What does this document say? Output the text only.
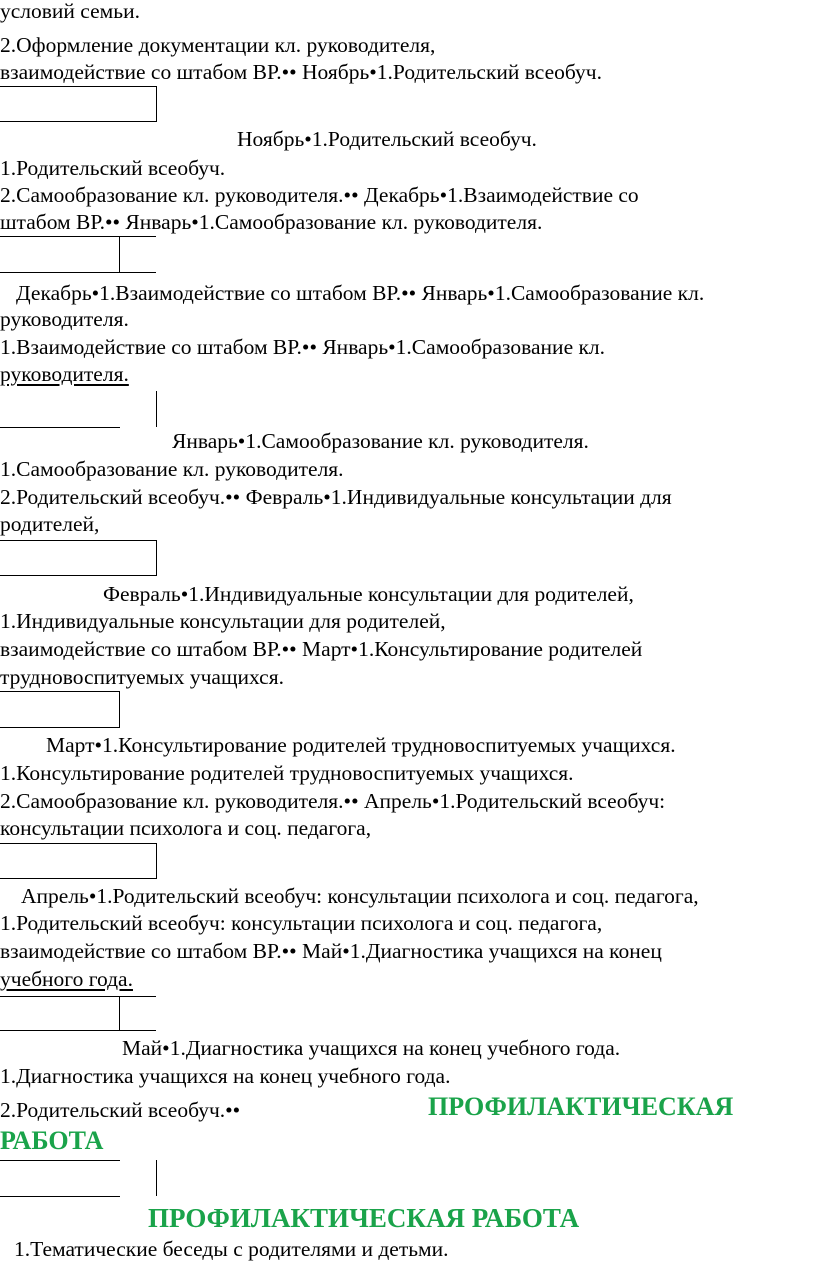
условий семьи.
2.Оформление документации кл. руководителя,
взаимодействие со штабом ВР.•• Ноябрь•1.Родительский всеобуч.
Ноябрь•1.Родительский всеобуч.
1.Родительский всеобуч.
2.Самообразование кл. руководителя.•• Декабрь•1.Взаимодействие со
штабом ВР.•• Январь•1.Самообразование кл. руководителя.
Декабрь•1.Взаимодействие со штабом ВР.•• Январь•1.Самообразование кл.
руководителя.
1.Взаимодействие со штабом ВР.•• Январь•1.Самообразование кл.
руководителя.
Январь•1.Самообразование кл. руководителя.
1.Самообразование кл. руководителя.
2.Родительский всеобуч.•• Февраль•1.Индивидуальные консультации для
родителей,
Февраль•1.Индивидуальные консультации для родителей,
1.Индивидуальные консультации для родителей,
взаимодействие со штабом ВР.•• Март•1.Консультирование родителей
трудновоспитуемых учащихся.
Март•1.Консультирование родителей трудновоспитуемых учащихся.
1.Консультирование родителей трудновоспитуемых учащихся.
2.Самообразование кл. руководителя.•• Апрель•1.Родительский всеобуч:
консультации психолога и соц. педагога,
Апрель•1.Родительский всеобуч: консультации психолога и соц. педагога,
1.Родительский всеобуч: консультации психолога и соц. педагога,
взаимодействие со штабом ВР.•• Май•1.Диагностика учащихся на конец
учебного года.
Май•1.Диагностика учащихся на конец учебного года.
1.Диагностика учащихся на конец учебного года.
2.Родительский всеобуч.••	ПРОФИЛАКТИЧЕСКАЯ
РАБОТА
ПРОФИЛАКТИЧЕСКАЯ РАБОТА
1.Тематические беседы с родителями и детьми.
